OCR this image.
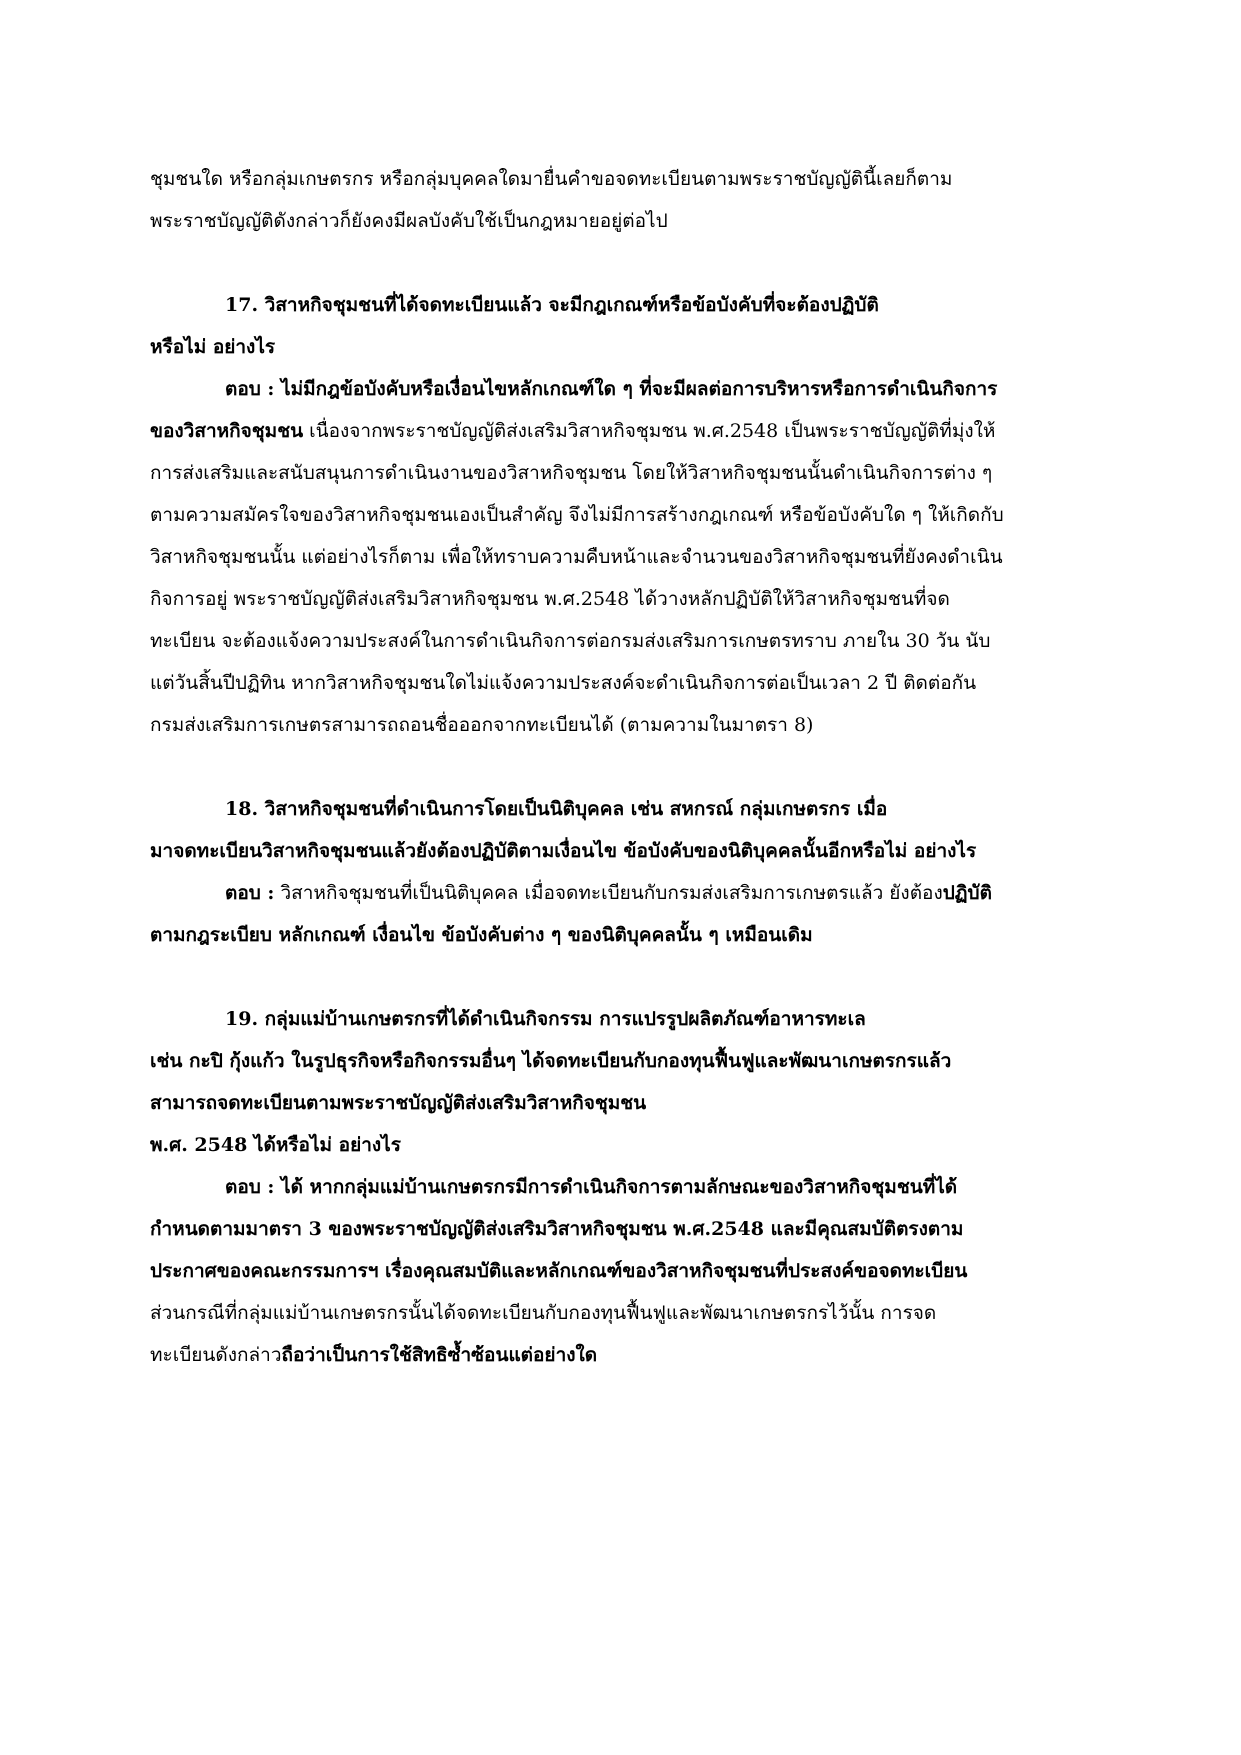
ชุมชนใด หรือกลุ่มเกษตรกร หรือกลุ่มบุคคลใดมายื่นคำขอจดทะเบียนตามพระราชบัญญัตินี้เลยก็ตาม
พระราชบัญญัติดังกล่าวก็ยังคงมีผลบังคับใช้เป็นกฎหมายอยู่ต่อไป
17. วิสาหกิจชุมชนที่ได้จดทะเบียนแล้ว จะมีกฎเกณฑ์หรือข้อบังคับที่จะต้องปฏิบัติ
หรือไม่ อย่างไร
ตอบ : ไม่มีกฎข้อบังคับหรือเงื่อนไขหลักเกณฑ์ใด ๆ ที่จะมีผลต่อการบริหารหรือการดำเนินกิจการ
ของวิสาหกิจชุมชน เนื่องจากพระราชบัญญัติส่งเสริมวิสาหกิจชุมชน พ.ศ.2548 เป็นพระราชบัญญัติที่มุ่งให้
การส่งเสริมและสนับสนุนการดำเนินงานของวิสาหกิจชุมชน โดยให้วิสาหกิจชุมชนนั้นดำเนินกิจการต่าง ๆ
ตามความสมัครใจของวิสาหกิจชุมชนเองเป็นสำคัญ จึงไม่มีการสร้างกฎเกณฑ์ หรือข้อบังคับใด ๆ ให้เกิดกับ
วิสาหกิจชุมชนนั้น แต่อย่างไรก็ตาม เพื่อให้ทราบความคืบหน้าและจำนวนของวิสาหกิจชุมชนที่ยังคงดำเนิน
กิจการอยู่ พระราชบัญญัติส่งเสริมวิสาหกิจชุมชน พ.ศ.2548 ได้วางหลักปฏิบัติให้วิสาหกิจชุมชนที่จด
ทะเบียน จะต้องแจ้งความประสงค์ในการดำเนินกิจการต่อกรมส่งเสริมการเกษตรทราบ ภายใน 30 วัน นับ
แต่วันสิ้นปีปฏิทิน หากวิสาหกิจชุมชนใดไม่แจ้งความประสงค์จะดำเนินกิจการต่อเป็นเวลา 2 ปี ติดต่อกัน
กรมส่งเสริมการเกษตรสามารถถอนชื่อออกจากทะเบียนได้ (ตามความในมาตรา 8)
18. วิสาหกิจชุมชนที่ดำเนินการโดยเป็นนิติบุคคล เช่น สหกรณ์ กลุ่มเกษตรกร เมื่อ
มาจดทะเบียนวิสาหกิจชุมชนแล้วยังต้องปฏิบัติตามเงื่อนไข ข้อบังคับของนิติบุคคลนั้นอีกหรือไม่ อย่างไร
ตอบ : วิสาหกิจชุมชนที่เป็นนิติบุคคล เมื่อจดทะเบียนกับกรมส่งเสริมการเกษตรแล้ว ยังต้องปฏิบัติ
ตามกฎระเบียบ หลักเกณฑ์ เงื่อนไข ข้อบังคับต่าง ๆ ของนิติบุคคลนั้น ๆ เหมือนเดิม
19. กลุ่มแม่บ้านเกษตรกรที่ได้ดำเนินกิจกรรม การแปรรูปผลิตภัณฑ์อาหารทะเล
เช่น กะปิ กุ้งแก้ว ในรูปธุรกิจหรือกิจกรรมอื่นๆ ได้จดทะเบียนกับกองทุนฟื้นฟูและพัฒนาเกษตรกรแล้ว
สามารถจดทะเบียนตามพระราชบัญญัติส่งเสริมวิสาหกิจชุมชน
พ.ศ. 2548 ได้หรือไม่ อย่างไร
ตอบ : ได้ หากกลุ่มแม่บ้านเกษตรกรมีการดำเนินกิจการตามลักษณะของวิสาหกิจชุมชนที่ได้
กำหนดตามมาตรา 3 ของพระราชบัญญัติส่งเสริมวิสาหกิจชุมชน พ.ศ.2548 และมีคุณสมบัติตรงตาม
ประกาศของคณะกรรมการฯ เรื่องคุณสมบัติและหลักเกณฑ์ของวิสาหกิจชุมชนที่ประสงค์ขอจดทะเบียน
ส่วนกรณีที่กลุ่มแม่บ้านเกษตรกรนั้นได้จดทะเบียนกับกองทุนฟื้นฟูและพัฒนาเกษตรกรไว้นั้น การจด
ทะเบียนดังกล่าวถือว่าเป็นการใช้สิทธิซ้ำซ้อนแต่อย่างใด
